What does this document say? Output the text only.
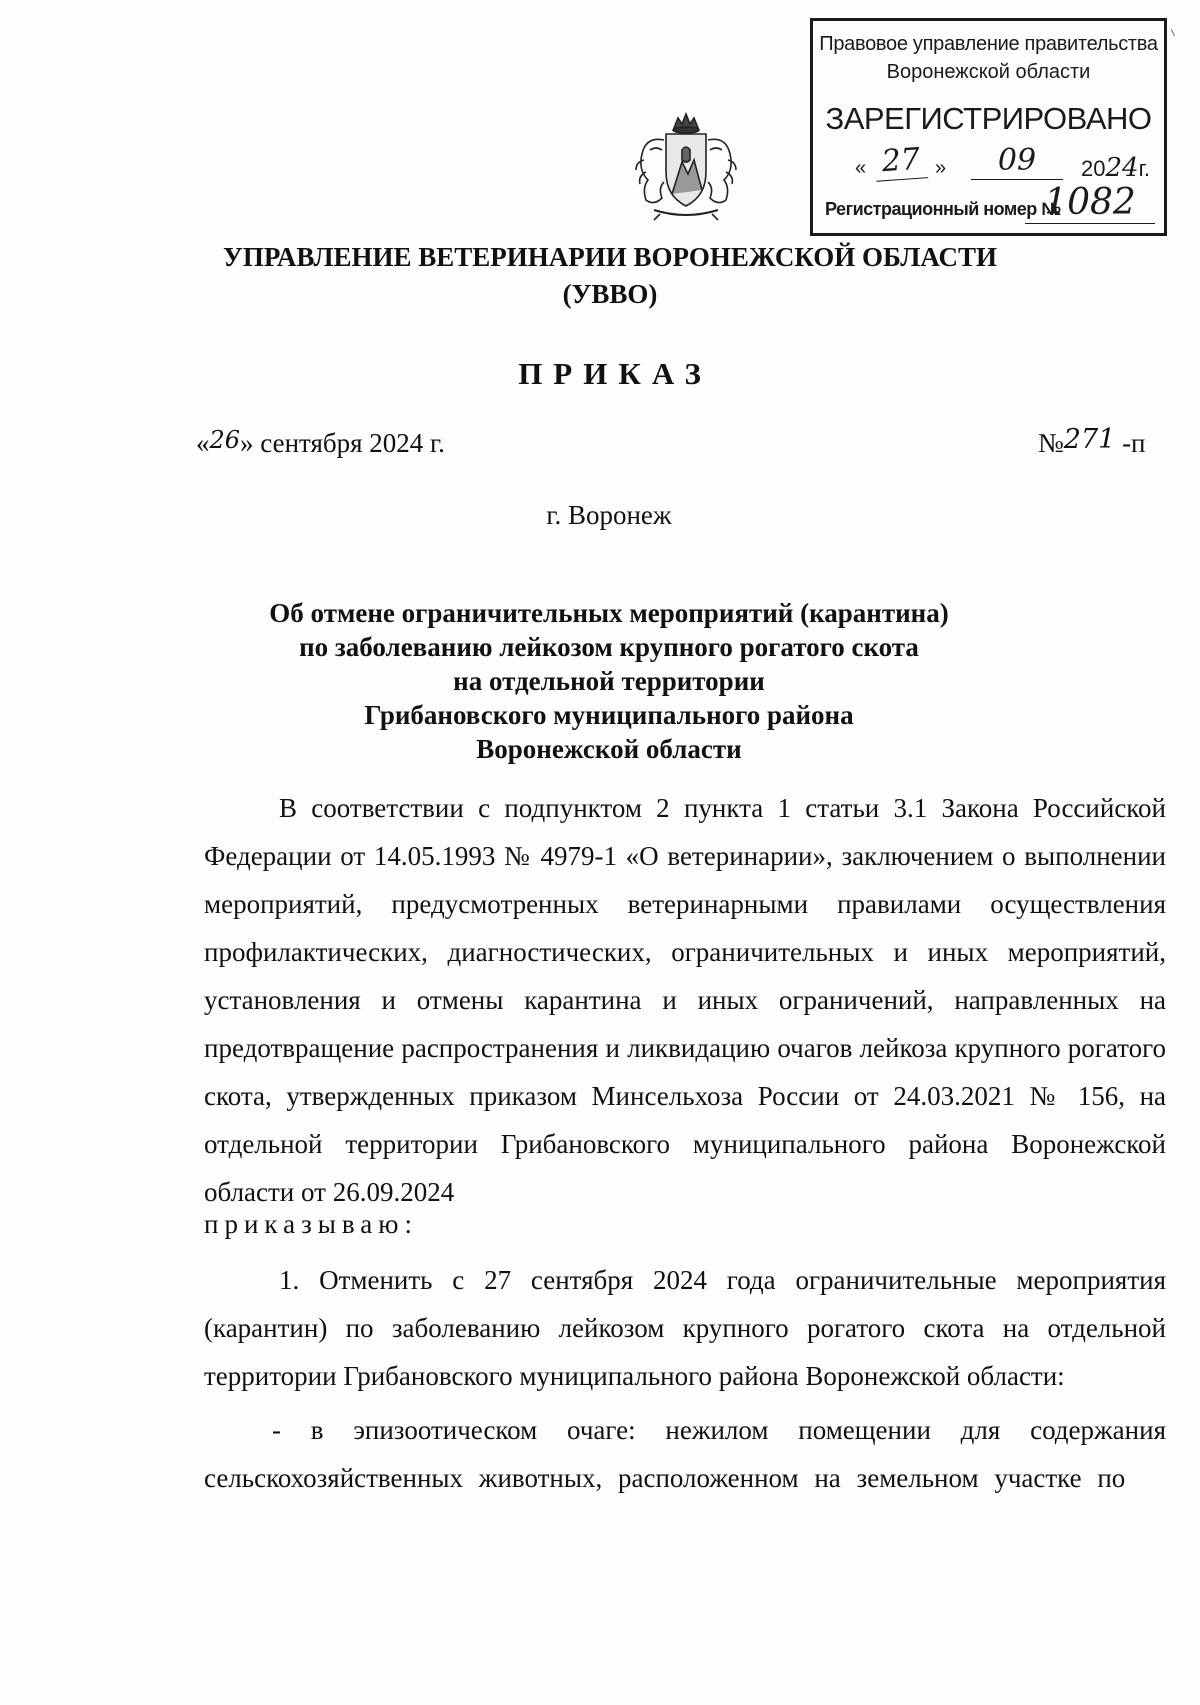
Правовое управление правительства
Воронежской области
ЗАРЕГИСТРИРОВАНО
« 27 »	09	2024г.
Регистрационный номер №
1082
⸌
УПРАВЛЕНИЕ ВЕТЕРИНАРИИ ВОРОНЕЖСКОЙ ОБЛАСТИ
(УВВО)
ПРИКАЗ
«26» сентября 2024 г.	№271 -п
г. Воронеж
Об отмене ограничительных мероприятий (карантина)
по заболеванию лейкозом крупного рогатого скота
на отдельной территории
Грибановского муниципального района
Воронежской области
В соответствии с подпунктом 2 пункта 1 статьи 3.1 Закона Российской Федерации от 14.05.1993 № 4979-1 «О ветеринарии», заключением о выполнении мероприятий, предусмотренных ветеринарными правилами осуществления профилактических, диагностических, ограничительных и иных мероприятий, установления и отмены карантина и иных ограничений, направленных на предотвращение распространения и ликвидацию очагов лейкоза крупного рогатого скота, утвержденных приказом Минсельхоза России от 24.03.2021 № 156, на отдельной территории Грибановского муниципального района Воронежской области от 26.09.2024
приказываю:
1. Отменить с 27 сентября 2024 года ограничительные мероприятия (карантин) по заболеванию лейкозом крупного рогатого скота на отдельной территории Грибановского муниципального района Воронежской области:
- в эпизоотическом очаге: нежилом помещении для содержания сельскохозяйственных животных, расположенном на земельном участке по
